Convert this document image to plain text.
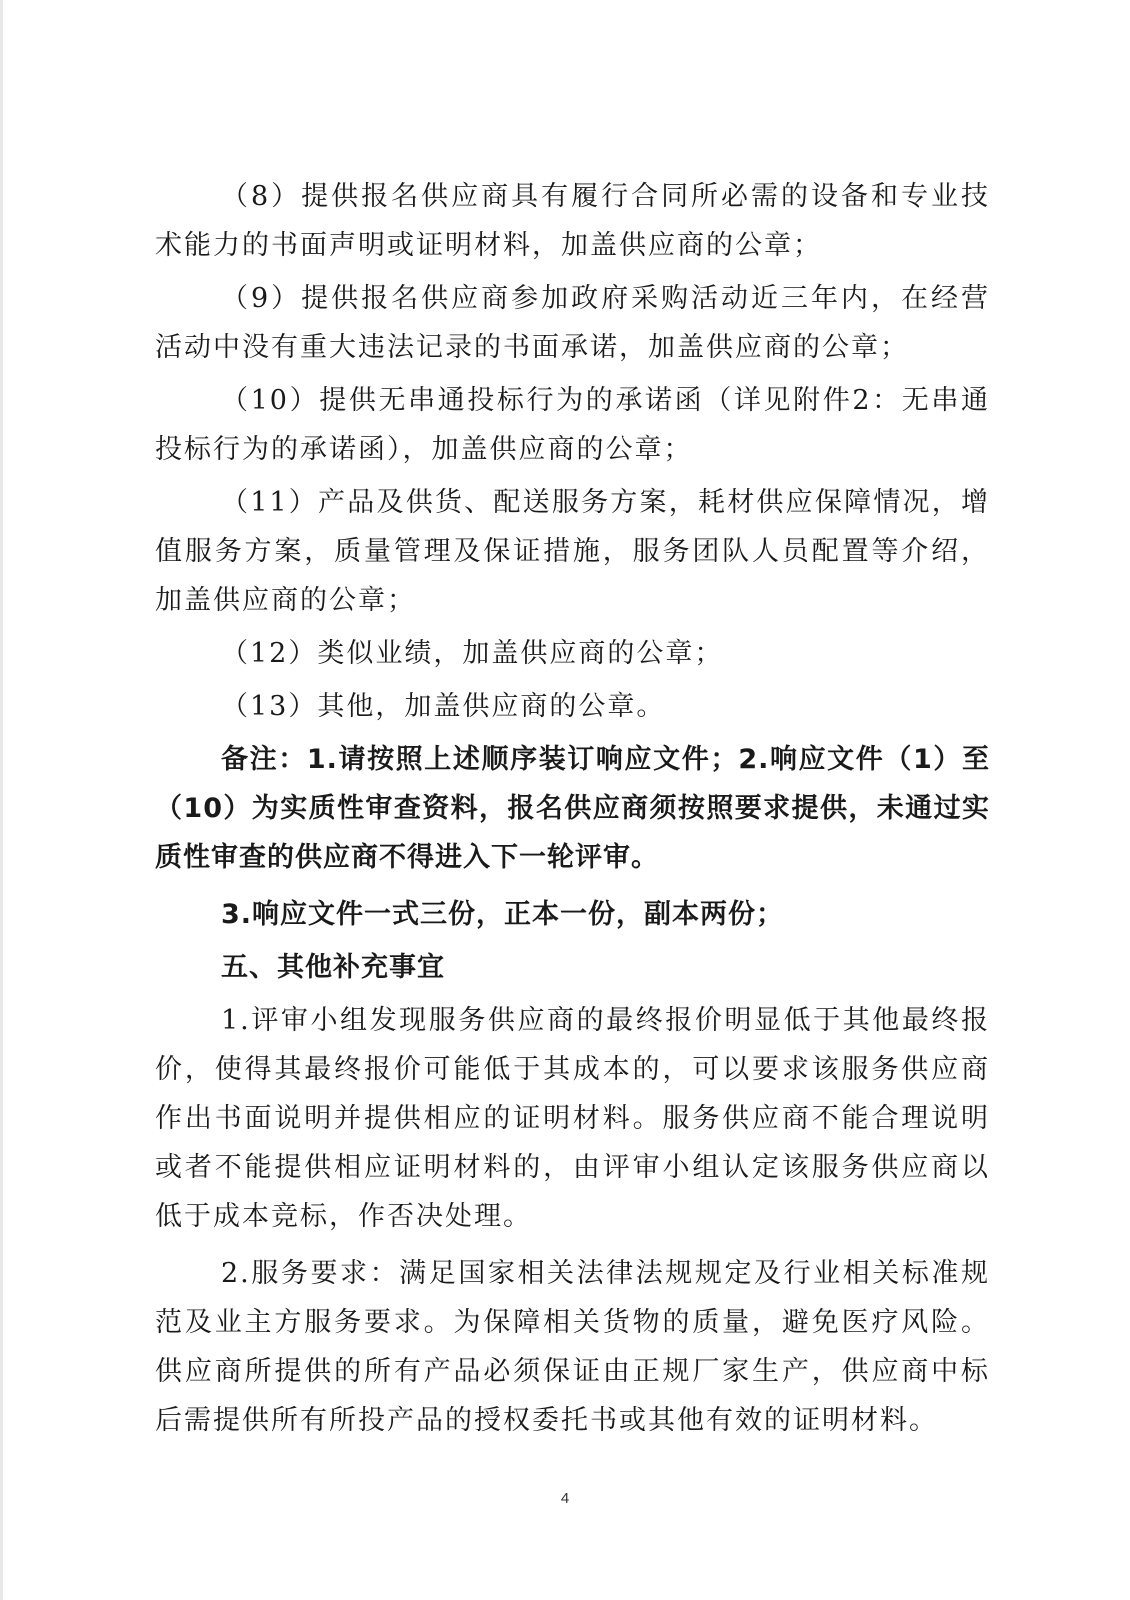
（8）提供报名供应商具有履行合同所必需的设备和专业技术能力的书面声明或证明材料，加盖供应商的公章；

（9）提供报名供应商参加政府采购活动近三年内，在经营活动中没有重大违法记录的书面承诺，加盖供应商的公章；

（10）提供无串通投标行为的承诺函（详见附件2：无串通投标行为的承诺函），加盖供应商的公章；

（11）产品及供货、配送服务方案，耗材供应保障情况，增值服务方案，质量管理及保证措施，服务团队人员配置等介绍，加盖供应商的公章；

（12）类似业绩，加盖供应商的公章；

（13）其他，加盖供应商的公章。

备注：1.请按照上述顺序装订响应文件；2.响应文件（1）至（10）为实质性审查资料，报名供应商须按照要求提供，未通过实质性审查的供应商不得进入下一轮评审。

3.响应文件一式三份，正本一份，副本两份；

五、其他补充事宜

1.评审小组发现服务供应商的最终报价明显低于其他最终报价，使得其最终报价可能低于其成本的，可以要求该服务供应商作出书面说明并提供相应的证明材料。服务供应商不能合理说明或者不能提供相应证明材料的，由评审小组认定该服务供应商以低于成本竞标，作否决处理。

2.服务要求：满足国家相关法律法规规定及行业相关标准规范及业主方服务要求。为保障相关货物的质量，避免医疗风险。供应商所提供的所有产品必须保证由正规厂家生产，供应商中标后需提供所有所投产品的授权委托书或其他有效的证明材料。

4
